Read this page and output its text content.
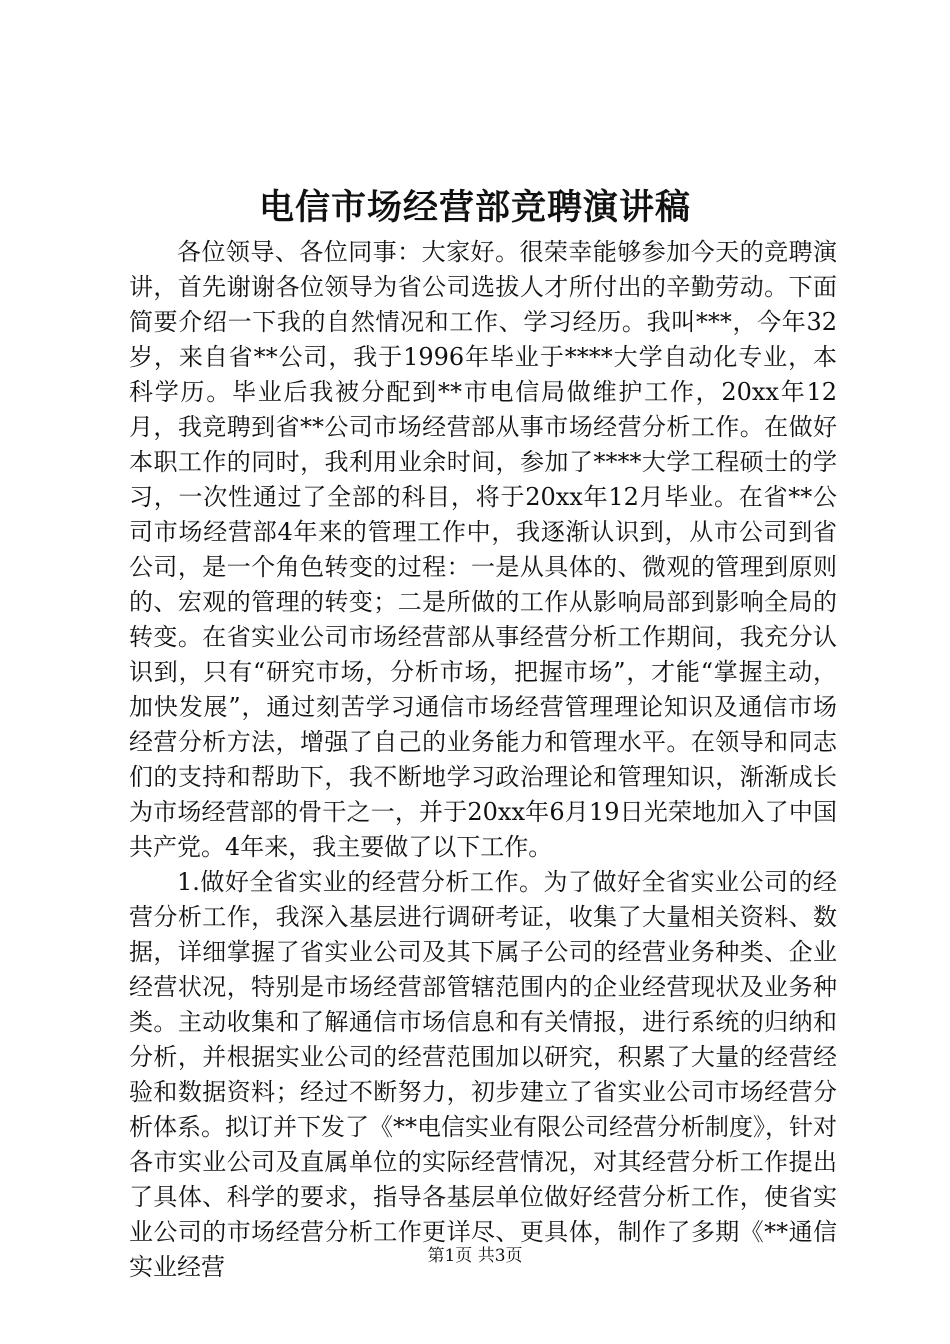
电信市场经营部竞聘演讲稿

各位领导、各位同事：大家好。很荣幸能够参加今天的竞聘演讲，首先谢谢各位领导为省公司选拔人才所付出的辛勤劳动。下面简要介绍一下我的自然情况和工作、学习经历。我叫***，今年32岁，来自省**公司，我于1996年毕业于****大学自动化专业，本科学历。毕业后我被分配到**市电信局做维护工作，20xx年12月，我竞聘到省**公司市场经营部从事市场经营分析工作。在做好本职工作的同时，我利用业余时间，参加了****大学工程硕士的学习，一次性通过了全部的科目，将于20xx年12月毕业。在省**公司市场经营部4年来的管理工作中，我逐渐认识到，从市公司到省公司，是一个角色转变的过程：一是从具体的、微观的管理到原则的、宏观的管理的转变；二是所做的工作从影响局部到影响全局的转变。在省实业公司市场经营部从事经营分析工作期间，我充分认识到，只有“研究市场，分析市场，把握市场”，才能“掌握主动，加快发展”，通过刻苦学习通信市场经营管理理论知识及通信市场经营分析方法，增强了自己的业务能力和管理水平。在领导和同志们的支持和帮助下，我不断地学习政治理论和管理知识，渐渐成长为市场经营部的骨干之一，并于20xx年6月19日光荣地加入了中国共产党。4年来，我主要做了以下工作。

1.做好全省实业的经营分析工作。为了做好全省实业公司的经营分析工作，我深入基层进行调研考证，收集了大量相关资料、数据，详细掌握了省实业公司及其下属子公司的经营业务种类、企业经营状况，特别是市场经营部管辖范围内的企业经营现状及业务种类。主动收集和了解通信市场信息和有关情报，进行系统的归纳和分析，并根据实业公司的经营范围加以研究，积累了大量的经营经验和数据资料；经过不断努力，初步建立了省实业公司市场经营分析体系。拟订并下发了《**电信实业有限公司经营分析制度》，针对各市实业公司及直属单位的实际经营情况，对其经营分析工作提出了具体、科学的要求，指导各基层单位做好经营分析工作，使省实业公司的市场经营分析工作更详尽、更具体，制作了多期《**通信实业经营	第1页 共3页
